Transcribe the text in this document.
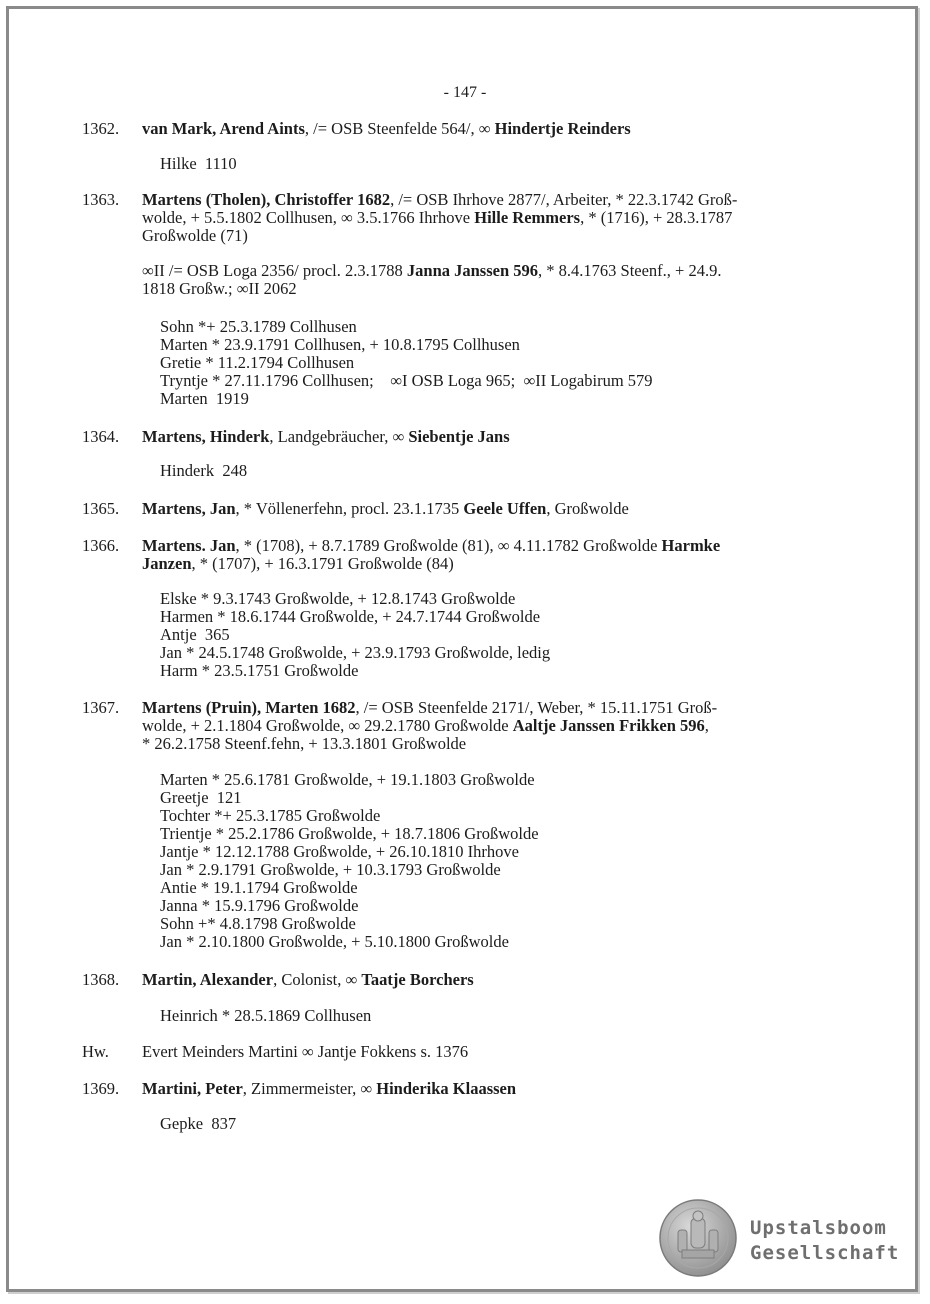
- 147 -
1362. van Mark, Arend Aints, /= OSB Steenfelde 564/, ∞ Hindertje Reinders
Hilke  1110
1363. Martens (Tholen), Christoffer 1682, /= OSB Ihrhove 2877/, Arbeiter, * 22.3.1742 Groß-
wolde, + 5.5.1802 Collhusen, ∞ 3.5.1766 Ihrhove Hille Remmers, * (1716), + 28.3.1787
Großwolde (71)
∞II /= OSB Loga 2356/ procl. 2.3.1788 Janna Janssen 596, * 8.4.1763 Steenf., + 24.9.
1818 Großw.; ∞II 2062
Sohn *+ 25.3.1789 Collhusen
Marten * 23.9.1791 Collhusen, + 10.8.1795 Collhusen
Gretie * 11.2.1794 Collhusen
Tryntje * 27.11.1796 Collhusen;    ∞I OSB Loga 965;  ∞II Logabirum 579
Marten  1919
1364. Martens, Hinderk, Landgebräucher, ∞ Siebentje Jans
Hinderk  248
1365. Martens, Jan, * Völlenerfehn, procl. 23.1.1735 Geele Uffen, Großwolde
1366. Martens. Jan, * (1708), + 8.7.1789 Großwolde (81), ∞ 4.11.1782 Großwolde Harmke
Janzen, * (1707), + 16.3.1791 Großwolde (84)
Elske * 9.3.1743 Großwolde, + 12.8.1743 Großwolde
Harmen * 18.6.1744 Großwolde, + 24.7.1744 Großwolde
Antje  365
Jan * 24.5.1748 Großwolde, + 23.9.1793 Großwolde, ledig
Harm * 23.5.1751 Großwolde
1367. Martens (Pruin), Marten 1682, /= OSB Steenfelde 2171/, Weber, * 15.11.1751 Groß-
wolde, + 2.1.1804 Großwolde, ∞ 29.2.1780 Großwolde Aaltje Janssen Frikken 596,
* 26.2.1758 Steenf.fehn, + 13.3.1801 Großwolde
Marten * 25.6.1781 Großwolde, + 19.1.1803 Großwolde
Greetje  121
Tochter *+ 25.3.1785 Großwolde
Trientje * 25.2.1786 Großwolde, + 18.7.1806 Großwolde
Jantje * 12.12.1788 Großwolde, + 26.10.1810 Ihrhove
Jan * 2.9.1791 Großwolde, + 10.3.1793 Großwolde
Antie * 19.1.1794 Großwolde
Janna * 15.9.1796 Großwolde
Sohn +* 4.8.1798 Großwolde
Jan * 2.10.1800 Großwolde, + 5.10.1800 Großwolde
1368. Martin, Alexander, Colonist, ∞ Taatje Borchers
Heinrich * 28.5.1869 Collhusen
Hw. Evert Meinders Martini ∞ Jantje Fokkens s. 1376
1369. Martini, Peter, Zimmermeister, ∞ Hinderika Klaassen
Gepke  837
Upstalsboom
Gesellschaft
